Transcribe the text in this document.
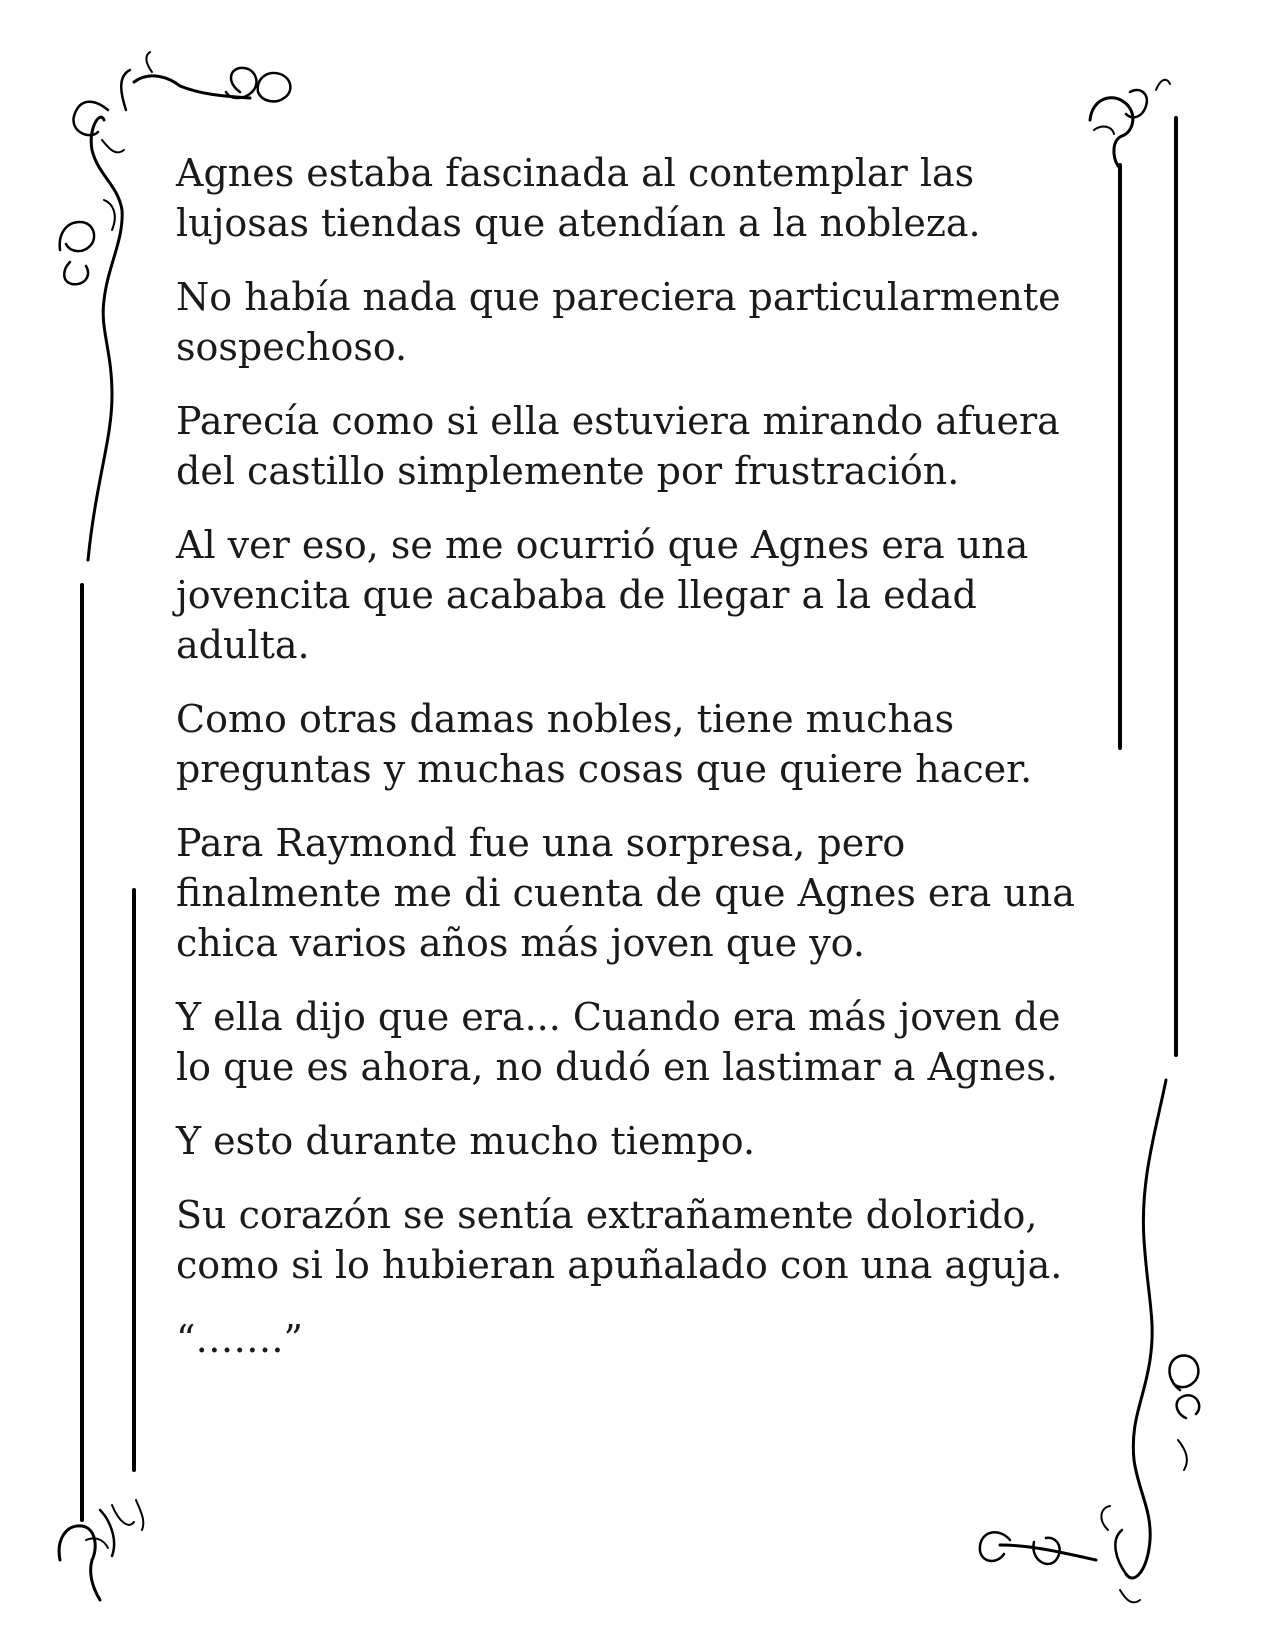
Agnes estaba fascinada al contemplar las lujosas tiendas que atendían a la nobleza.

No había nada que pareciera particularmente sospechoso.

Parecía como si ella estuviera mirando afuera del castillo simplemente por frustración.

Al ver eso, se me ocurrió que Agnes era una jovencita que acababa de llegar a la edad adulta.

Como otras damas nobles, tiene muchas preguntas y muchas cosas que quiere hacer.

Para Raymond fue una sorpresa, pero finalmente me di cuenta de que Agnes era una chica varios años más joven que yo.

Y ella dijo que era... Cuando era más joven de lo que es ahora, no dudó en lastimar a Agnes.

Y esto durante mucho tiempo.

Su corazón se sentía extrañamente dolorido, como si lo hubieran apuñalado con una aguja.

“…….”
